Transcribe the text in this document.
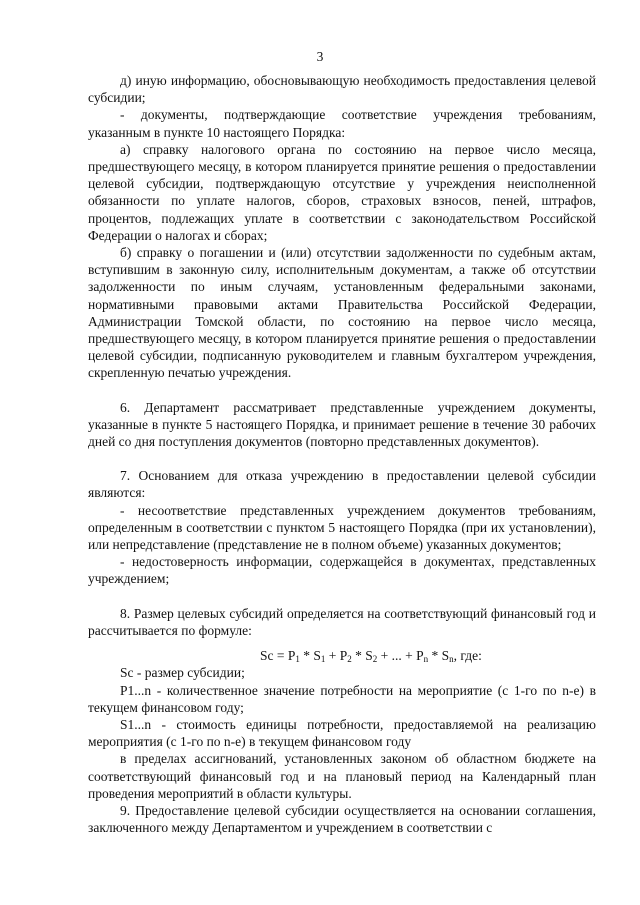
3

д) иную информацию, обосновывающую необходимость предоставления целевой субсидии;

- документы, подтверждающие соответствие учреждения требованиям, указанным в пункте 10 настоящего Порядка:

а) справку налогового органа по состоянию на первое число месяца, предшествующего месяцу, в котором планируется принятие решения о предоставлении целевой субсидии, подтверждающую отсутствие у учреждения неисполненной обязанности по уплате налогов, сборов, страховых взносов, пеней, штрафов, процентов, подлежащих уплате в соответствии с законодательством Российской Федерации о налогах и сборах;

б) справку о погашении и (или) отсутствии задолженности по судебным актам, вступившим в законную силу, исполнительным документам, а также об отсутствии задолженности по иным случаям, установленным федеральными законами, нормативными правовыми актами Правительства Российской Федерации, Администрации Томской области, по состоянию на первое число месяца, предшествующего месяцу, в котором планируется принятие решения о предоставлении целевой субсидии, подписанную руководителем и главным бухгалтером учреждения, скрепленную печатью учреждения.

6. Департамент рассматривает представленные учреждением документы, указанные в пункте 5 настоящего Порядка, и принимает решение в течение 30 рабочих дней со дня поступления документов (повторно представленных документов).

7. Основанием для отказа учреждению в предоставлении целевой субсидии являются:

- несоответствие представленных учреждением документов требованиям, определенным в соответствии с пунктом 5 настоящего Порядка (при их установлении), или непредставление (представление не в полном объеме) указанных документов;

- недостоверность информации, содержащейся в документах, представленных учреждением;

8. Размер целевых субсидий определяется на соответствующий финансовый год и рассчитывается по формуле:

$Sc = P_1 * S_1 + P_2 * S_2$ + ... + $P_n * S_n$, где:

Sc - размер субсидии;

P1...n - количественное значение потребности на мероприятие (с 1-го по n-е) в текущем финансовом году;

S1...n - стоимость единицы потребности, предоставляемой на реализацию мероприятия (с 1-го по n-е) в текущем финансовом году

в пределах ассигнований, установленных законом об областном бюджете на соответствующий финансовый год и на плановый период на Календарный план проведения мероприятий в области культуры.

9. Предоставление целевой субсидии осуществляется на основании соглашения, заключенного между Департаментом и учреждением в соответствии с
